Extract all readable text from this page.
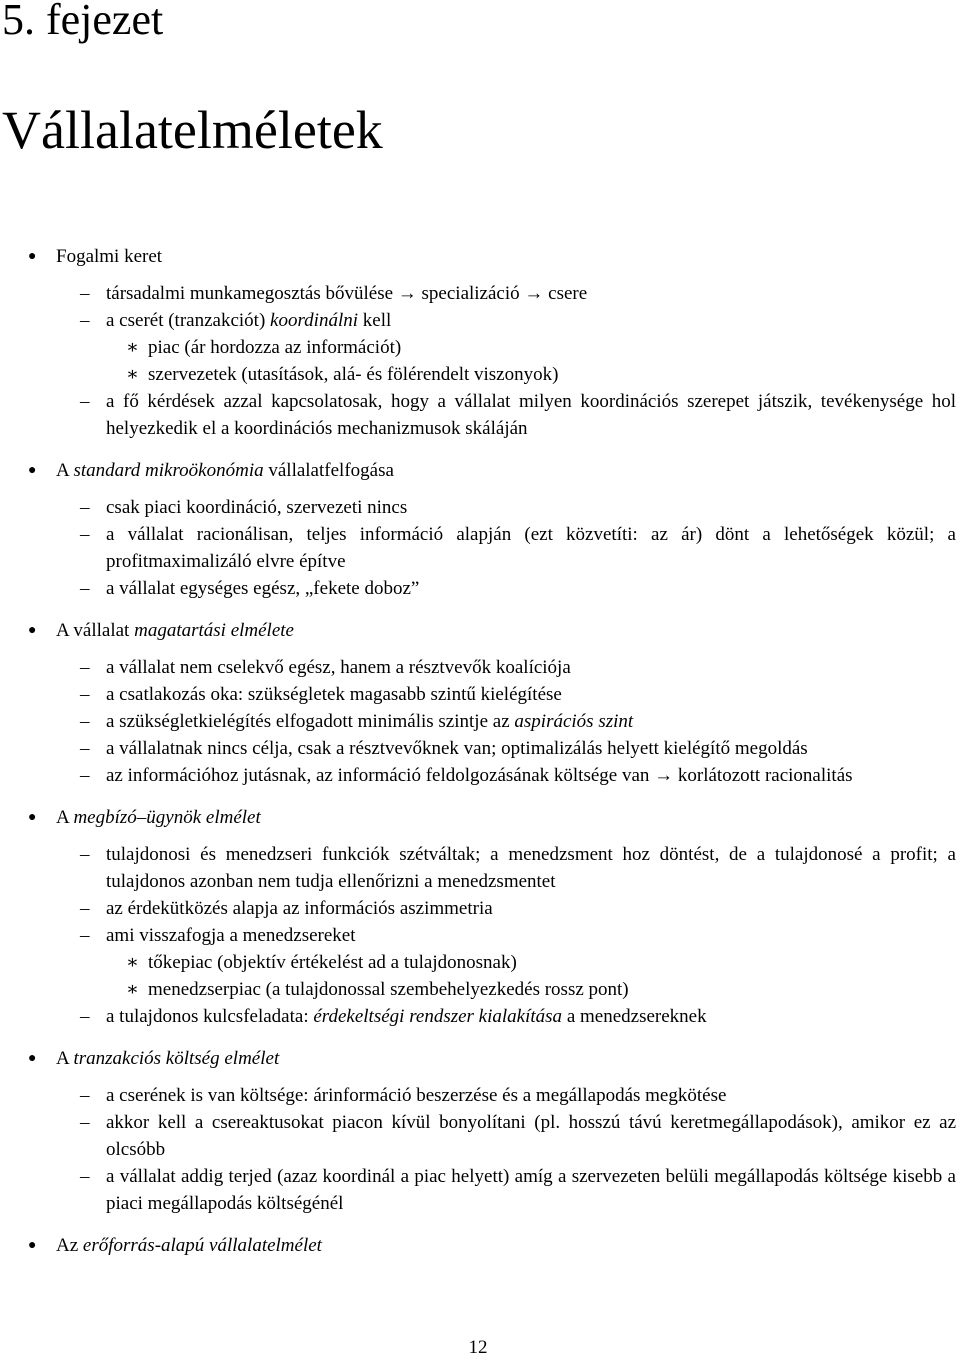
5. fejezet
Vállalatelméletek
● Fogalmi keret
– társadalmi munkamegosztás bővülése → specializáció → csere
– a cserét (tranzakciót) koordinálni kell
∗ piac (ár hordozza az információt)
∗ szervezetek (utasítások, alá- és fölérendelt viszonyok)
– a fő kérdések azzal kapcsolatosak, hogy a vállalat milyen koordinációs szerepet játszik, tevékenysége hol helyezkedik el a koordinációs mechanizmusok skáláján
● A standard mikroökonómia vállalatfelfogása
– csak piaci koordináció, szervezeti nincs
– a vállalat racionálisan, teljes információ alapján (ezt közvetíti: az ár) dönt a lehetőségek közül; a profitmaximalizáló elvre építve
– a vállalat egységes egész, „fekete doboz”
● A vállalat magatartási elmélete
– a vállalat nem cselekvő egész, hanem a résztvevők koalíciója
– a csatlakozás oka: szükségletek magasabb szintű kielégítése
– a szükségletkielégítés elfogadott minimális szintje az aspirációs szint
– a vállalatnak nincs célja, csak a résztvevőknek van; optimalizálás helyett kielégítő megoldás
– az információhoz jutásnak, az információ feldolgozásának költsége van → korlátozott racionalitás
● A megbízó–ügynök elmélet
– tulajdonosi és menedzseri funkciók szétváltak; a menedzsment hoz döntést, de a tulajdonosé a profit; a tulajdonos azonban nem tudja ellenőrizni a menedzsmentet
– az érdekütközés alapja az információs aszimmetria
– ami visszafogja a menedzsereket
∗ tőkepiac (objektív értékelést ad a tulajdonosnak)
∗ menedzserpiac (a tulajdonossal szembehelyezkedés rossz pont)
– a tulajdonos kulcsfeladata: érdekeltségi rendszer kialakítása a menedzsereknek
● A tranzakciós költség elmélet
– a cserének is van költsége: árinformáció beszerzése és a megállapodás megkötése
– akkor kell a csereaktusokat piacon kívül bonyolítani (pl. hosszú távú keretmegállapodások), amikor ez az olcsóbb
– a vállalat addig terjed (azaz koordinál a piac helyett) amíg a szervezeten belüli megállapodás költsége kisebb a piaci megállapodás költségénél
● Az erőforrás-alapú vállalatelmélet
12
